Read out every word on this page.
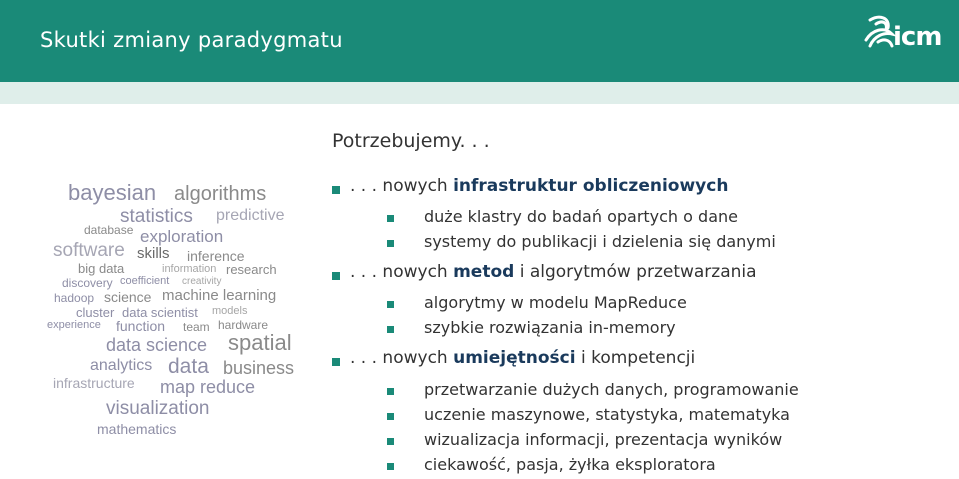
Skutki zmiany paradygmatu	icm
bayesian algorithms
statistics predictive
database exploration
software skills inference
big data	information research
discovery coefficient creativity
hadoop science machine learning
cluster data scientist models
experience function team hardware
data science spatial
analytics data business
infrastructure map reduce
visualization
mathematics
Potrzebujemy. . .
. . . nowych infrastruktur obliczeniowych
duże klastry do badań opartych o dane
systemy do publikacji i dzielenia się danymi
. . . nowych metod i algorytmów przetwarzania
algorytmy w modelu MapReduce
szybkie rozwiązania in-memory
. . . nowych umiejętności i kompetencji
przetwarzanie dużych danych, programowanie
uczenie maszynowe, statystyka, matematyka
wizualizacja informacji, prezentacja wyników
ciekawość, pasja, żyłka eksploratora
